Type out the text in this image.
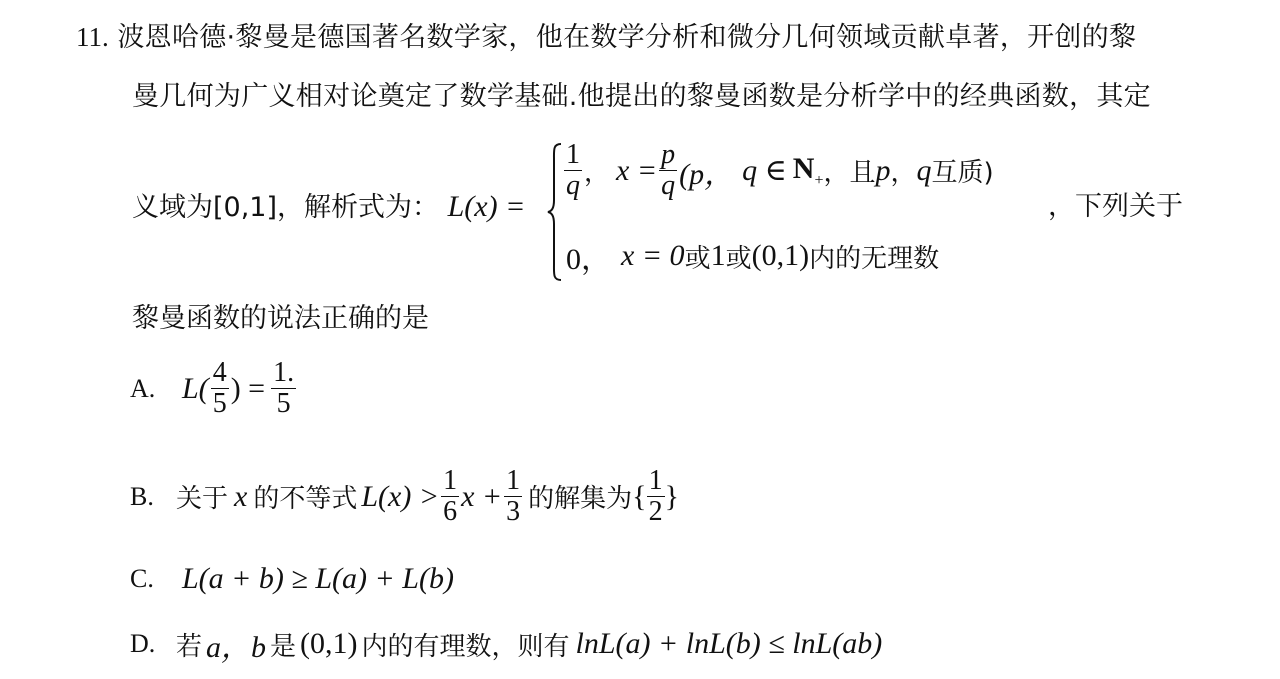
11. 波恩哈德·黎曼是德国著名数学家，他在数学分析和微分几何领域贡献卓著，开创的黎
曼几何为广义相对论奠定了数学基础.他提出的黎曼函数是分析学中的经典函数，其定
义域为[0,1]，解析式为： L(x) =
$\frac{1}{q}$ ， $x = \frac{p}{q} (p$， q ∈ $N_+$ ，且 p ， q 互质)
0， x = 0 或 1 或 (0,1) 内的无理数
，下列关于
黎曼函数的说法正确的是
A. $L( \frac{4}{5}$ ) = $\frac{1.}{5}$
B. 关于 x 的不等式 $L(x) > \frac{1}{6}$ $x + \frac{1}{3}$ 的解集为 { $\frac{1}{2}$ }
C. L(a + b) ≥ L(a) + L(b)
D. 若 a，b 是 (0,1) 内的有理数，则有 lnL(a) + lnL(b) ≤ lnL(ab)
